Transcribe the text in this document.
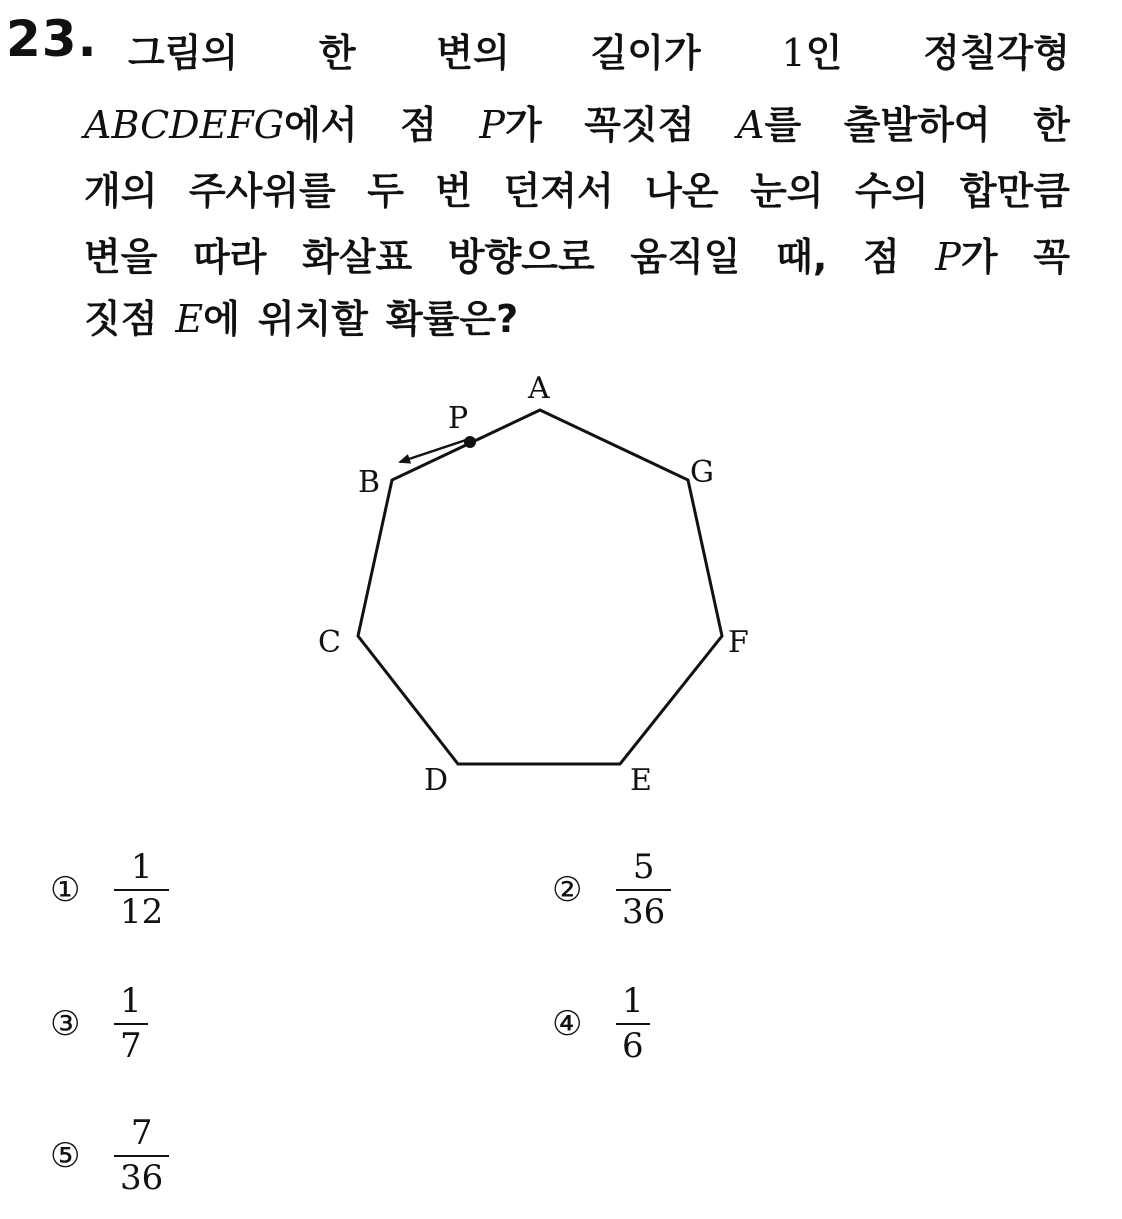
23. 그림의 한 변의 길이가 1인 정칠각형
ABCDEFG에서 점 P가 꼭짓점 A를 출발하여 한
개의 주사위를 두 번 던져서 나온 눈의 수의 합만큼
변을 따라 화살표 방향으로 움직일 때, 점 P가 꼭
짓점 E에 위치할 확률은?
P
A
B
C
D	E
F
G
① $\frac{1}{12}$	② $\frac{5}{36}$
③ $\frac{1}{7}$	④ $\frac{1}{6}$
⑤ $\frac{7}{36}$
